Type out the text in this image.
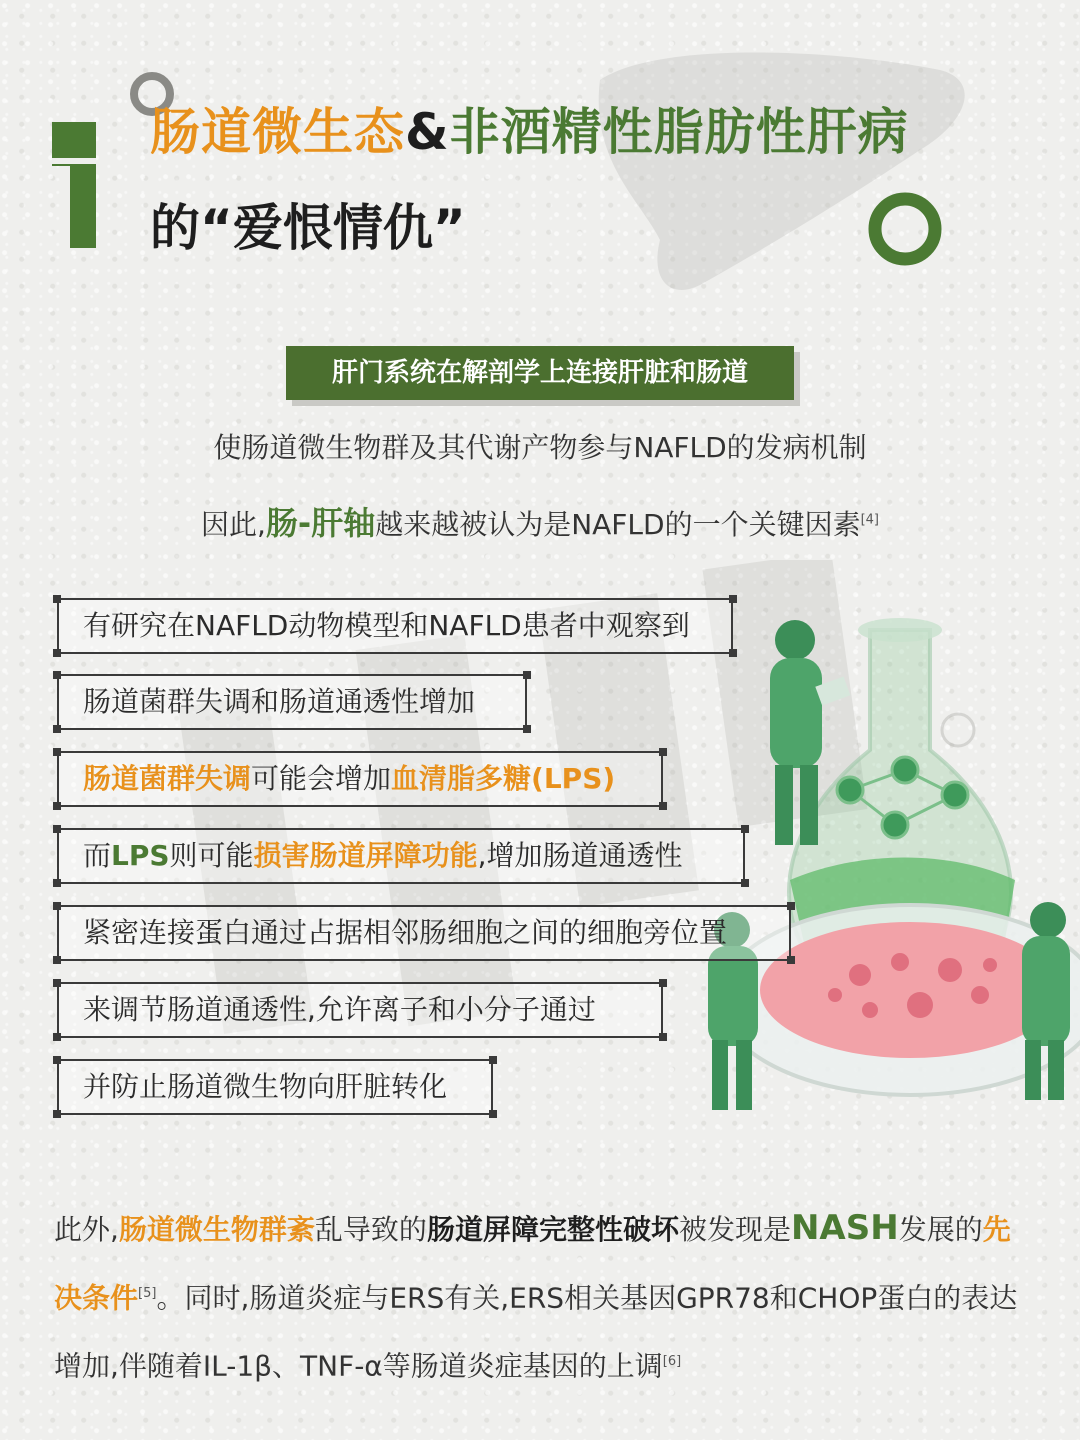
肠道微生态&非酒精性脂肪性肝病
的“爱恨情仇”
肝门系统在解剖学上连接肝脏和肠道
使肠道微生物群及其代谢产物参与NAFLD的发病机制
因此,肠-肝轴越来越被认为是NAFLD的一个关键因素[4]
有研究在NAFLD动物模型和NAFLD患者中观察到
肠道菌群失调和肠道通透性增加
肠道菌群失调可能会增加血清脂多糖(LPS)
而LPS则可能损害肠道屏障功能,增加肠道通透性
紧密连接蛋白通过占据相邻肠细胞之间的细胞旁位置
来调节肠道通透性,允许离子和小分子通过
并防止肠道微生物向肝脏转化
此外,肠道微生物群紊乱导致的肠道屏障完整性破坏被发现是NASH发展的先决条件[5]。同时,肠道炎症与ERS有关,ERS相关基因GPR78和CHOP蛋白的表达增加,伴随着IL-1β、TNF-α等肠道炎症基因的上调[6]
